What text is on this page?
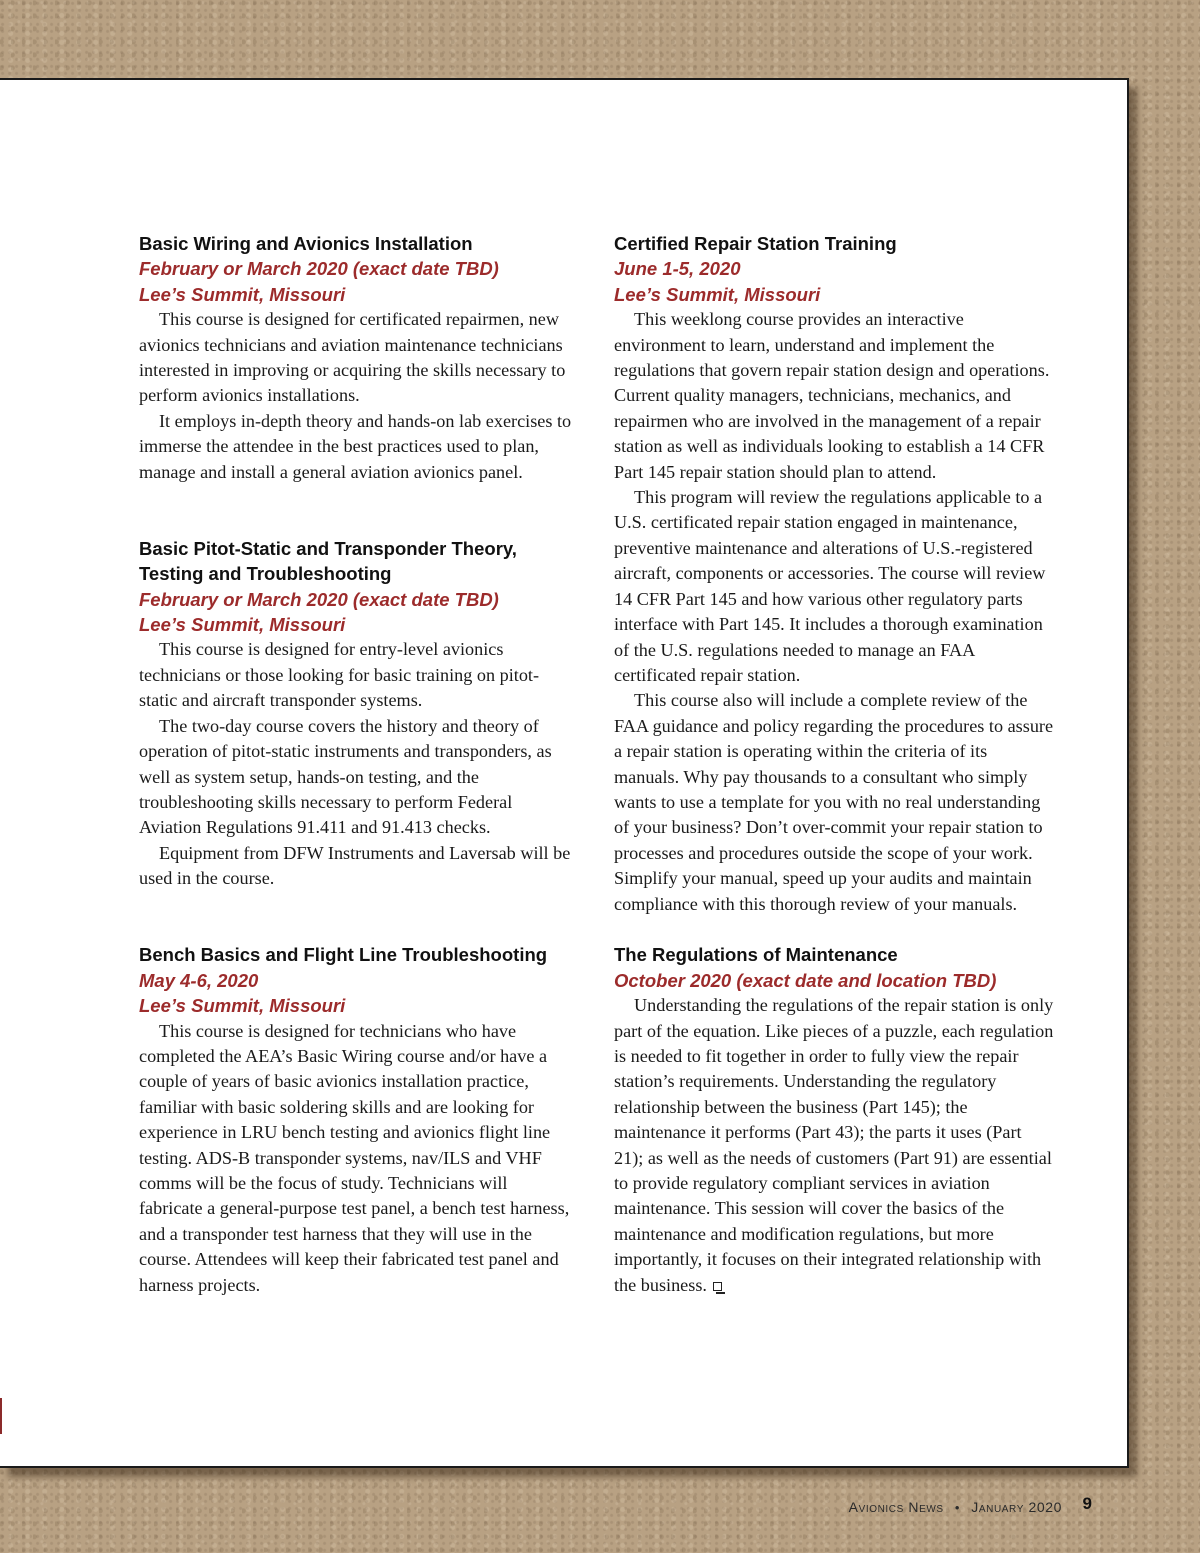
Basic Wiring and Avionics Installation
February or March 2020 (exact date TBD)
Lee’s Summit, Missouri

This course is designed for certificated repairmen, new avionics technicians and aviation maintenance technicians interested in improving or acquiring the skills necessary to perform avionics installations.

It employs in-depth theory and hands-on lab exercises to immerse the attendee in the best practices used to plan, manage and install a general aviation avionics panel.

Basic Pitot-Static and Transponder Theory, Testing and Troubleshooting
February or March 2020 (exact date TBD)
Lee’s Summit, Missouri

This course is designed for entry-level avionics technicians or those looking for basic training on pitot-static and aircraft transponder systems.

The two-day course covers the history and theory of operation of pitot-static instruments and transponders, as well as system setup, hands-on testing, and the troubleshooting skills necessary to perform Federal Aviation Regulations 91.411 and 91.413 checks.

Equipment from DFW Instruments and Laversab will be used in the course.

Bench Basics and Flight Line Troubleshooting
May 4-6, 2020
Lee’s Summit, Missouri

This course is designed for technicians who have completed the AEA’s Basic Wiring course and/or have a couple of years of basic avionics installation practice, familiar with basic soldering skills and are looking for experience in LRU bench testing and avionics flight line testing. ADS-B transponder systems, nav/ILS and VHF comms will be the focus of study. Technicians will fabricate a general-purpose test panel, a bench test harness, and a transponder test harness that they will use in the course. Attendees will keep their fabricated test panel and harness projects.

Certified Repair Station Training
June 1-5, 2020
Lee’s Summit, Missouri

This weeklong course provides an interactive environment to learn, understand and implement the regulations that govern repair station design and operations. Current quality managers, technicians, mechanics, and repairmen who are involved in the management of a repair station as well as individuals looking to establish a 14 CFR Part 145 repair station should plan to attend.

This program will review the regulations applicable to a U.S. certificated repair station engaged in maintenance, preventive maintenance and alterations of U.S.-registered aircraft, components or accessories. The course will review 14 CFR Part 145 and how various other regulatory parts interface with Part 145. It includes a thorough examination of the U.S. regulations needed to manage an FAA certificated repair station.

This course also will include a complete review of the FAA guidance and policy regarding the procedures to assure a repair station is operating within the criteria of its manuals. Why pay thousands to a consultant who simply wants to use a template for you with no real understanding of your business? Don’t over-commit your repair station to processes and procedures outside the scope of your work. Simplify your manual, speed up your audits and maintain compliance with this thorough review of your manuals.

The Regulations of Maintenance
October 2020 (exact date and location TBD)

Understanding the regulations of the repair station is only part of the equation. Like pieces of a puzzle, each regulation is needed to fit together in order to fully view the repair station’s requirements. Understanding the regulatory relationship between the business (Part 145); the maintenance it performs (Part 43); the parts it uses (Part 21); as well as the needs of customers (Part 91) are essential to provide regulatory compliant services in aviation maintenance. This session will cover the basics of the maintenance and modification regulations, but more importantly, it focuses on their integrated relationship with the business.

Avionics News • January 2020 9
